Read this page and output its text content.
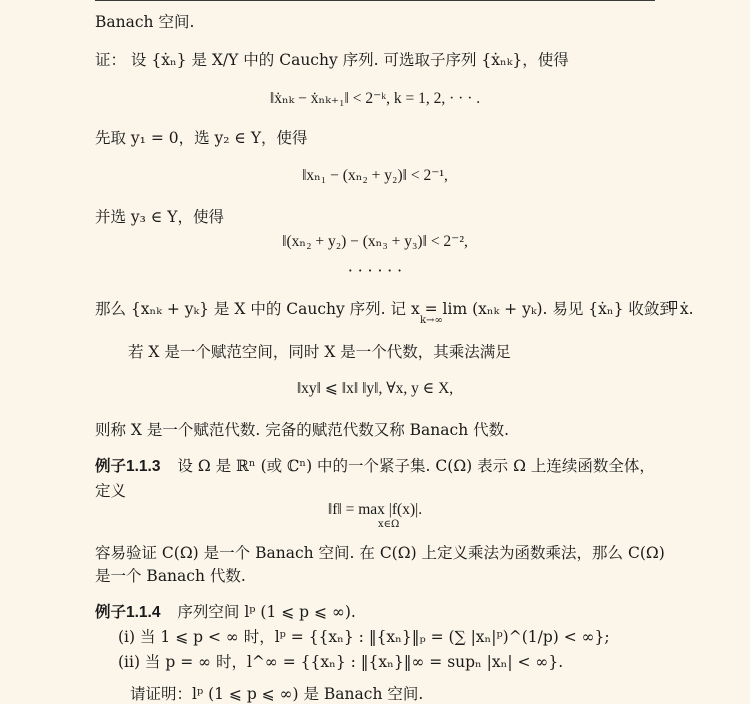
Banach 空间.
证： 设 {ẋₙ} 是 X/Y 中的 Cauchy 序列. 可选取子序列 {ẋₙₖ}，使得
‖ẋₙₖ − ẋₙₖ₊₁‖ < 2⁻ᵏ, k = 1, 2, · · · .
先取 y₁ = 0，选 y₂ ∈ Y，使得
‖xₙ₁ − (xₙ₂ + y₂)‖ < 2⁻¹,
并选 y₃ ∈ Y，使得
‖(xₙ₂ + y₂) − (xₙ₃ + y₃)‖ < 2⁻²,
· · · · · ·
那么 {xₙₖ + yₖ} 是 X 中的 Cauchy 序列. 记 x = lim (xₙₖ + yₖ). 易见 {ẋₙ} 收敛到 ẋ.
k→∞
若 X 是一个赋范空间，同时 X 是一个代数，其乘法满足
‖xy‖ ⩽ ‖x‖ ‖y‖, ∀x, y ∈ X,
则称 X 是一个赋范代数. 完备的赋范代数又称 Banach 代数.
例子1.1.3 设 Ω 是 ℝⁿ (或 ℂⁿ) 中的一个紧子集. C(Ω) 表示 Ω 上连续函数全体，
定义
‖f‖ = max |f(x)|.
x∈Ω
容易验证 C(Ω) 是一个 Banach 空间. 在 C(Ω) 上定义乘法为函数乘法，那么 C(Ω)
是一个 Banach 代数.
例子1.1.4 序列空间 lᵖ (1 ⩽ p ⩽ ∞).
(i) 当 1 ⩽ p < ∞ 时，lᵖ = {{xₙ} : ‖{xₙ}‖ₚ = (∑ |xₙ|ᵖ)^(1/p) < ∞};
(ii) 当 p = ∞ 时，l^∞ = {{xₙ} : ‖{xₙ}‖∞ = supₙ |xₙ| < ∞}.
请证明：lᵖ (1 ⩽ p ⩽ ∞) 是 Banach 空间.
